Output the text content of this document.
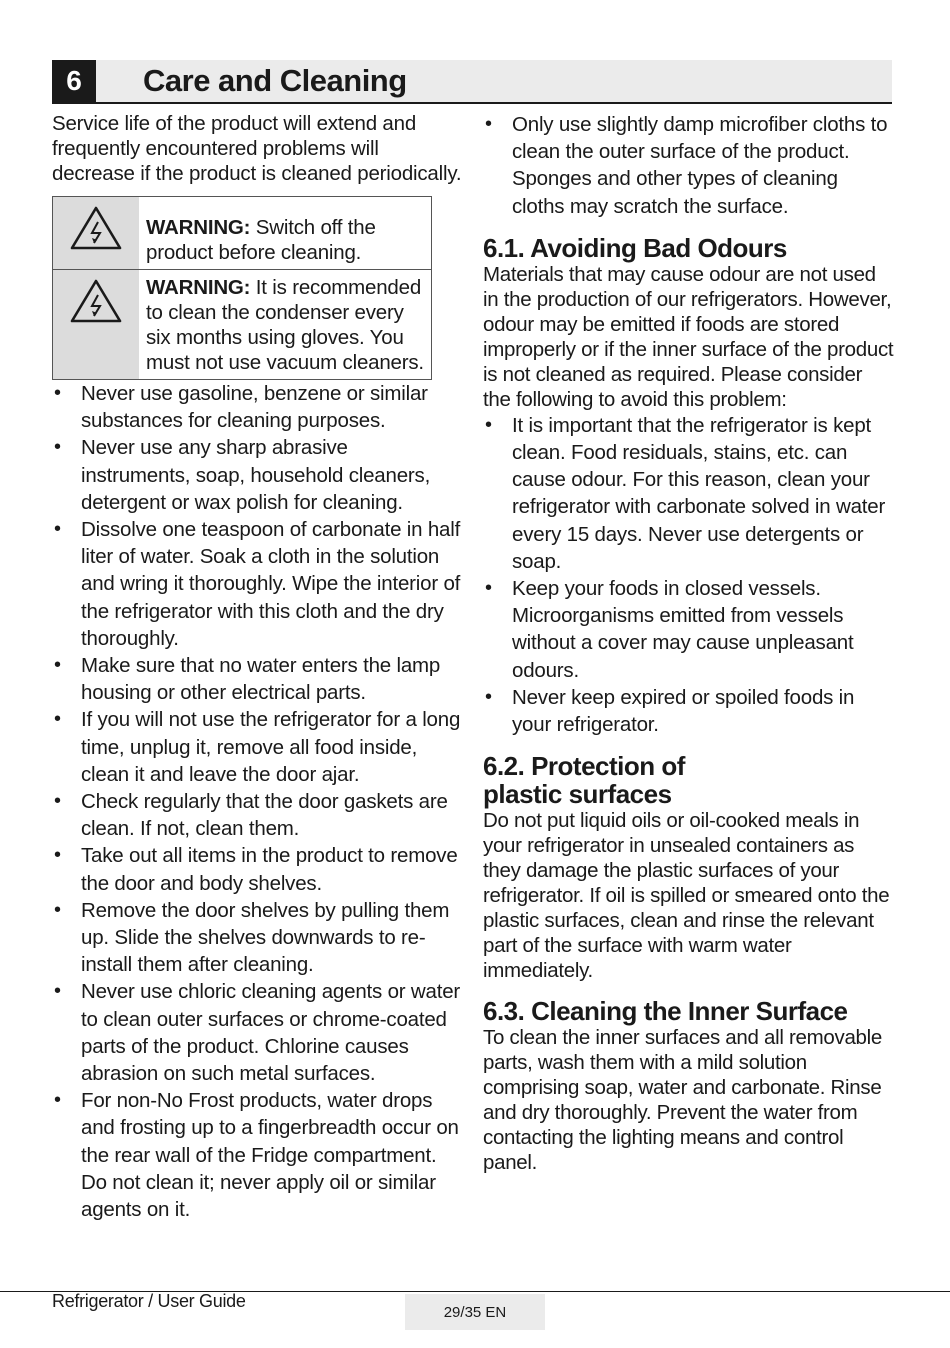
6	Care and Cleaning

Service life of the product will extend and frequently encountered problems will decrease if the product is cleaned periodically.

WARNING: Switch off the product before cleaning.
WARNING: It is recommended to clean the condenser every six months using gloves. You must not use vacuum cleaners.
• Never use gasoline, benzene or similar substances for cleaning purposes.
• Never use any sharp abrasive instruments, soap, household cleaners, detergent or wax polish for cleaning.
• Dissolve one teaspoon of carbonate in half liter of water. Soak a cloth in the solution and wring it thoroughly. Wipe the interior of the refrigerator with this cloth and the dry thoroughly.
• Make sure that no water enters the lamp housing or other electrical parts.
• If you will not use the refrigerator for a long time, unplug it, remove all food inside, clean it and leave the door ajar.
• Check regularly that the door gaskets are clean. If not, clean them.
• Take out all items in the product to remove the door and body shelves.
• Remove the door shelves by pulling them up. Slide the shelves downwards to re-install them after cleaning.
• Never use chloric cleaning agents or water to clean outer surfaces or chrome-coated parts of the product. Chlorine causes abrasion on such metal surfaces.
• For non-No Frost products, water drops and frosting up to a fingerbreadth occur on the rear wall of the Fridge compartment. Do not clean it; never apply oil or similar agents on it.
• Only use slightly damp microfiber cloths to clean the outer surface of the product. Sponges and other types of cleaning cloths may scratch the surface.
6.1. Avoiding Bad Odours

Materials that may cause odour are not used in the production of our refrigerators. However, odour may be emitted if foods are stored improperly or if the inner surface of the product is not cleaned as required. Please consider the following to avoid this problem:

• It is important that the refrigerator is kept clean. Food residuals, stains, etc. can cause odour. For this reason, clean your refrigerator with carbonate solved in water every 15 days. Never use detergents or soap.
• Keep your foods in closed vessels. Microorganisms emitted from vessels without a cover may cause unpleasant odours.
• Never keep expired or spoiled foods in your refrigerator.
6.2. Protection of
plastic surfaces

Do not put liquid oils or oil-cooked meals in your refrigerator in unsealed containers as they damage the plastic surfaces of your refrigerator. If oil is spilled or smeared onto the plastic surfaces, clean and rinse the relevant part of the surface with warm water immediately.

6.3. Cleaning the Inner Surface

To clean the inner surfaces and all removable parts, wash them with a mild solution comprising soap, water and carbonate. Rinse and dry thoroughly. Prevent the water from contacting the lighting means and control panel.

Refrigerator / User Guide
29/35 EN
